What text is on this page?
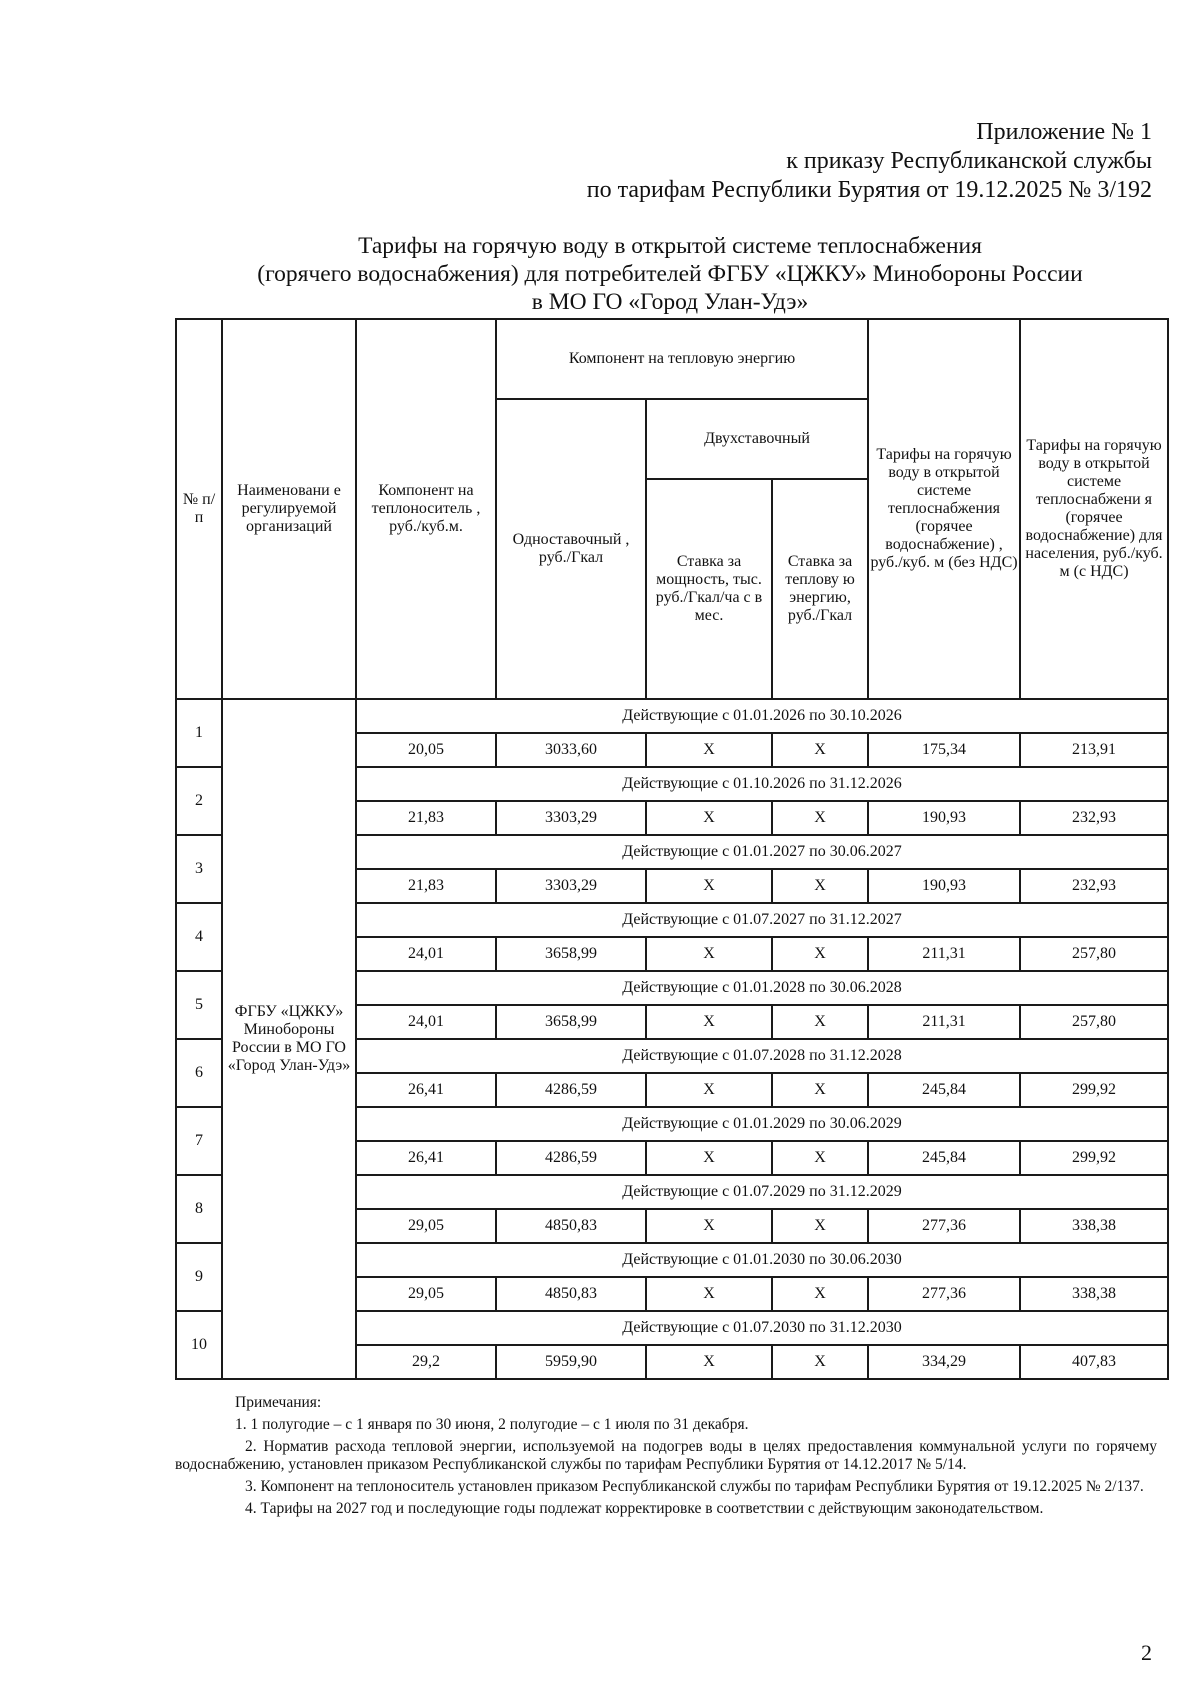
Приложение № 1
к приказу Республиканской службы
по тарифам Республики Бурятия от 19.12.2025 № 3/192
Тарифы на горячую воду в открытой системе теплоснабжения
(горячего водоснабжения) для потребителей ФГБУ «ЦЖКУ» Минобороны России
в МО ГО «Город Улан-Удэ»
№ п/ п	Наименовани е регулируемой организаций	Компонент на теплоноситель , руб./куб.м.	Компонент на тепловую энергию			Тарифы на горячую воду в открытой системе теплоснабжения (горячее водоснабжение) , руб./куб. м (без НДС)	Тарифы на горячую воду в открытой системе теплоснабжени я (горячее водоснабжение) для населения, руб./куб. м (с НДС)
			Одноставочный , руб./Гкал	Двухставочный			
				Ставка за мощность, тыс. руб./Гкал/ча с в мес.	Ставка за теплову ю энергию, руб./Гкал		
1	ФГБУ «ЦЖКУ» Минобороны России в МО ГО «Город Улан-Удэ»	Действующие с 01.01.2026 по 30.10.2026					
		20,05	3033,60	Х	Х	175,34	213,91
2		Действующие с 01.10.2026 по 31.12.2026					
		21,83	3303,29	Х	Х	190,93	232,93
3		Действующие с 01.01.2027 по 30.06.2027					
		21,83	3303,29	Х	Х	190,93	232,93
4		Действующие с 01.07.2027 по 31.12.2027					
		24,01	3658,99	Х	Х	211,31	257,80
5		Действующие с 01.01.2028 по 30.06.2028					
		24,01	3658,99	Х	Х	211,31	257,80
6		Действующие с 01.07.2028 по 31.12.2028					
		26,41	4286,59	Х	Х	245,84	299,92
7		Действующие с 01.01.2029 по 30.06.2029					
		26,41	4286,59	Х	Х	245,84	299,92
8		Действующие с 01.07.2029 по 31.12.2029					
		29,05	4850,83	Х	Х	277,36	338,38
9		Действующие с 01.01.2030 по 30.06.2030					
		29,05	4850,83	Х	Х	277,36	338,38
10		Действующие с 01.07.2030 по 31.12.2030					
		29,2	5959,90	Х	Х	334,29	407,83

Примечания:

1. 1 полугодие – с 1 января по 30 июня, 2 полугодие – с 1 июля по 31 декабря.

2. Норматив расхода тепловой энергии, используемой на подогрев воды в целях предоставления коммунальной услуги по горячему водоснабжению, установлен приказом Республиканской службы по тарифам Республики Бурятия от 14.12.2017 № 5/14.

3. Компонент на теплоноситель установлен приказом Республиканской службы по тарифам Республики Бурятия от 19.12.2025 № 2/137.

4. Тарифы на 2027 год и последующие годы подлежат корректировке в соответствии с действующим законодательством.

2
